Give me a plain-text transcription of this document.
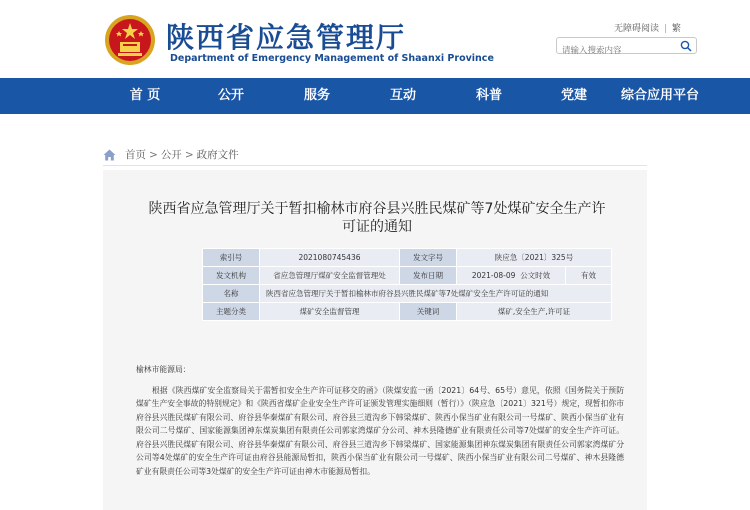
陕西省应急管理厅
Department of Emergency Management of Shaanxi Province
无障碍阅读 | 繁
请输入搜索内容
首 页	公开	服务	互动	科普	党建	综合应用平台
首页 > 公开 > 政府文件
陕西省应急管理厅关于暂扣榆林市府谷县兴胜民煤矿等7处煤矿安全生产许可证的通知
索引号	2021080745436	发文字号	陕应急〔2021〕325号	
发文机构	省应急管理厅煤矿安全监督管理处	发布日期	2021-08-09 公文时效	有效
名称	陕西省应急管理厅关于暂扣榆林市府谷县兴胜民煤矿等7处煤矿安全生产许可证的通知			
主题分类	煤矿安全监督管理	关键词	煤矿,安全生产,许可证	

榆林市能源局：

根据《陕西煤矿安全监察局关于需暂扣安全生产许可证移交的函》（陕煤安监一函〔2021〕64号、65号）意见，依照《国务院关于预防煤矿生产安全事故的特别规定》和《陕西省煤矿企业安全生产许可证颁发管理实施细则（暂行）》（陕应急〔2021〕321号）规定，现暂扣你市府谷县兴胜民煤矿有限公司、府谷县华秦煤矿有限公司、府谷县三道沟乡下韩梁煤矿、陕西小保当矿业有限公司一号煤矿、陕西小保当矿业有限公司二号煤矿、国家能源集团神东煤炭集团有限责任公司郭家湾煤矿分公司、神木县隆德矿业有限责任公司等7处煤矿的安全生产许可证。府谷县兴胜民煤矿有限公司、府谷县华秦煤矿有限公司、府谷县三道沟乡下韩梁煤矿、国家能源集团神东煤炭集团有限责任公司郭家湾煤矿分公司等4处煤矿的安全生产许可证由府谷县能源局暂扣，陕西小保当矿业有限公司一号煤矿、陕西小保当矿业有限公司二号煤矿、神木县隆德矿业有限责任公司等3处煤矿的安全生产许可证由神木市能源局暂扣。
